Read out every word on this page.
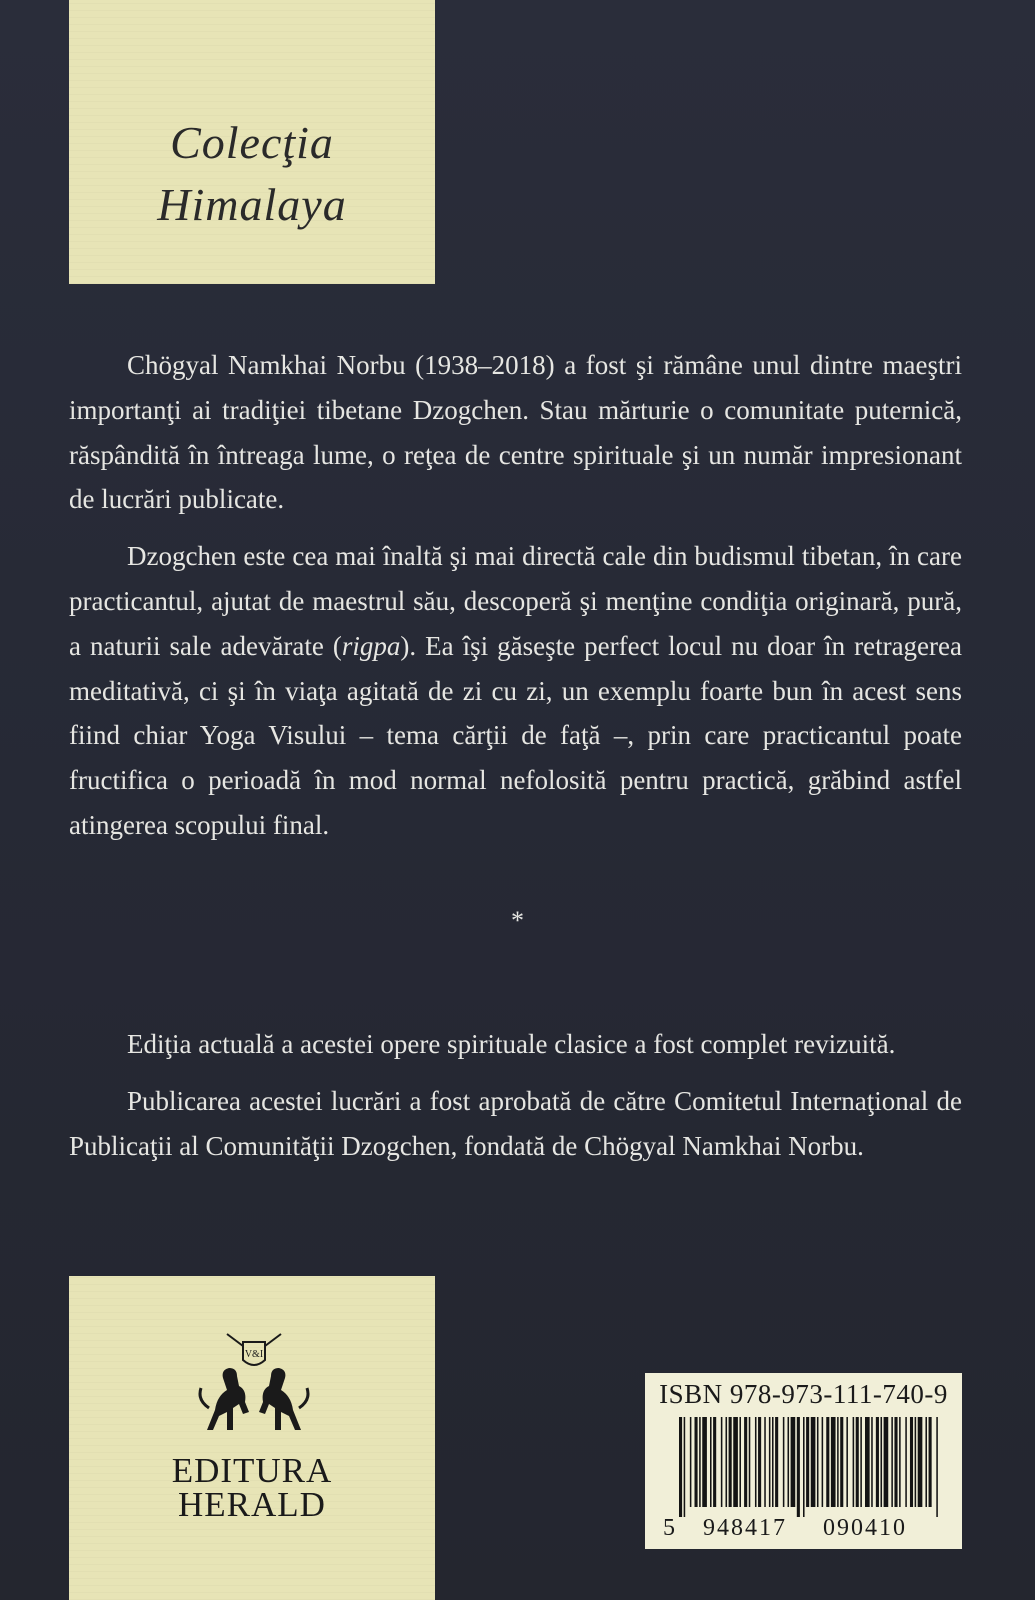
Colecţia
Himalaya

Chögyal Namkhai Norbu (1938–2018) a fost şi rămâne unul dintre maeştri importanţi ai tradiţiei tibetane Dzogchen. Stau mărturie o comunitate puternică, răspândită în întreaga lume, o reţea de centre spirituale şi un număr impresionant de lucrări publicate.

Dzogchen este cea mai înaltă şi mai directă cale din budismul tibetan, în care practicantul, ajutat de maestrul său, descoperă şi menţine condiţia originară, pură, a naturii sale adevărate (rigpa). Ea îşi găseşte perfect locul nu doar în retragerea meditativă, ci şi în viaţa agitată de zi cu zi, un exemplu foarte bun în acest sens fiind chiar Yoga Visului – tema cărţii de faţă –, prin care practicantul poate fructifica o perioadă în mod normal nefolosită pentru practică, grăbind astfel atingerea scopului final.

*

Ediţia actuală a acestei opere spirituale clasice a fost complet revizuită.

Publicarea acestei lucrări a fost aprobată de către Comitetul Internaţional de Publicaţii al Comunităţii Dzogchen, fondată de Chögyal Namkhai Norbu.

V&I
EDITURA
HERALD
ISBN 978-973-111-740-9
5 948417 090410
